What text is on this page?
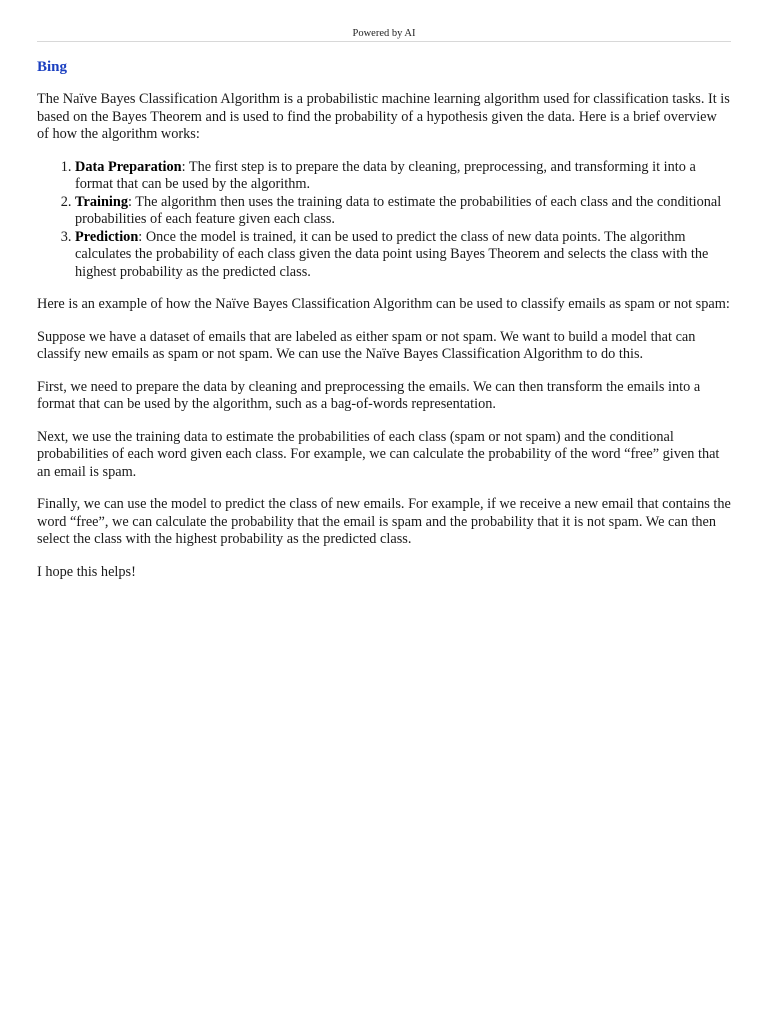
Powered by AI
Bing

The Naïve Bayes Classification Algorithm is a probabilistic machine learning algorithm used for classification tasks. It is based on the Bayes Theorem and is used to find the probability of a hypothesis given the data. Here is a brief overview of how the algorithm works:

1. Data Preparation: The first step is to prepare the data by cleaning, preprocessing, and transforming it into a format that can be used by the algorithm.
2. Training: The algorithm then uses the training data to estimate the probabilities of each class and the conditional probabilities of each feature given each class.
3. Prediction: Once the model is trained, it can be used to predict the class of new data points. The algorithm calculates the probability of each class given the data point using Bayes Theorem and selects the class with the highest probability as the predicted class.

Here is an example of how the Naïve Bayes Classification Algorithm can be used to classify emails as spam or not spam:

Suppose we have a dataset of emails that are labeled as either spam or not spam. We want to build a model that can classify new emails as spam or not spam. We can use the Naïve Bayes Classification Algorithm to do this.

First, we need to prepare the data by cleaning and preprocessing the emails. We can then transform the emails into a format that can be used by the algorithm, such as a bag-of-words representation.

Next, we use the training data to estimate the probabilities of each class (spam or not spam) and the conditional probabilities of each word given each class. For example, we can calculate the probability of the word “free” given that an email is spam.

Finally, we can use the model to predict the class of new emails. For example, if we receive a new email that contains the word “free”, we can calculate the probability that the email is spam and the probability that it is not spam. We can then select the class with the highest probability as the predicted class.

I hope this helps!
